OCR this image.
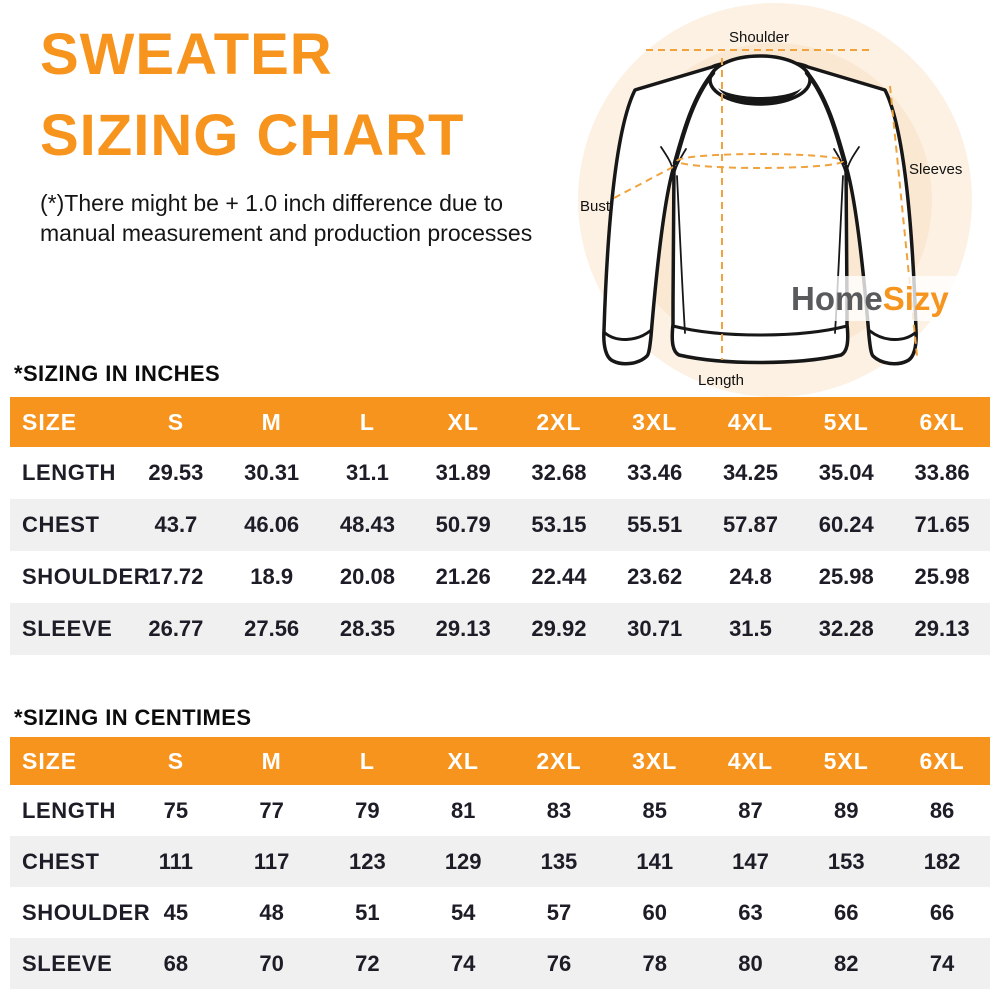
SWEATER
SIZING CHART

(*)There might be + 1.0 inch difference due to
manual measurement and production processes

Shoulder
Sleeves
Bust
Length
HomeSizy
*SIZING IN INCHES
SIZE	S	M	L	XL	2XL	3XL	4XL	5XL	6XL
LENGTH	29.53	30.31	31.1	31.89	32.68	33.46	34.25	35.04	33.86
CHEST	43.7	46.06	48.43	50.79	53.15	55.51	57.87	60.24	71.65
SHOULDER	17.72	18.9	20.08	21.26	22.44	23.62	24.8	25.98	25.98
SLEEVE	26.77	27.56	28.35	29.13	29.92	30.71	31.5	32.28	29.13
*SIZING IN CENTIMES
SIZE	S	M	L	XL	2XL	3XL	4XL	5XL	6XL
LENGTH	75	77	79	81	83	85	87	89	86
CHEST	111	117	123	129	135	141	147	153	182
SHOULDER	45	48	51	54	57	60	63	66	66
SLEEVE	68	70	72	74	76	78	80	82	74
